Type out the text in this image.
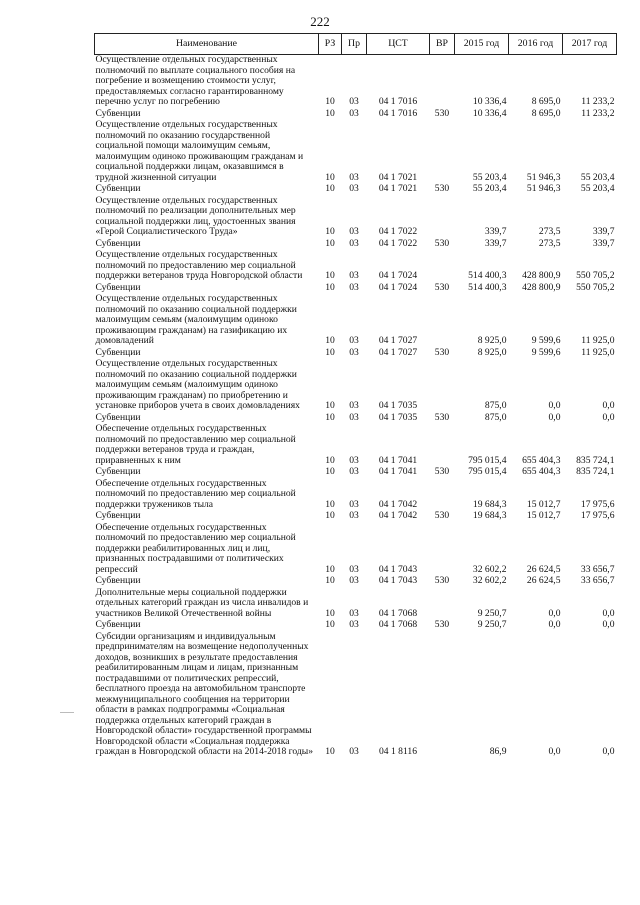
222
Наименование	РЗ	Пр	ЦСТ	ВР	2015 год	2016 год	2017 год
Осуществление отдельных государственных полномочий по выплате социального пособия на погребение и возмещению стоимости услуг, предоставляемых согласно гарантированному перечню услуг по погребению	10	03	04 1 7016		10 336,4	8 695,0	11 233,2
Субвенции	10	03	04 1 7016	530	10 336,4	8 695,0	11 233,2
Осуществление отдельных государственных полномочий по оказанию государственной социальной помощи малоимущим семьям, малоимущим одиноко проживающим гражданам и социальной поддержки лицам, оказавшимся в трудной жизненной ситуации	10	03	04 1 7021		55 203,4	51 946,3	55 203,4
Субвенции	10	03	04 1 7021	530	55 203,4	51 946,3	55 203,4
Осуществление отдельных государственных полномочий по реализации дополнительных мер социальной поддержки лиц, удостоенных звания «Герой Социалистического Труда»	10	03	04 1 7022		339,7	273,5	339,7
Субвенции	10	03	04 1 7022	530	339,7	273,5	339,7
Осуществление отдельных государственных полномочий по предоставлению мер социальной поддержки ветеранов труда Новгородской области	10	03	04 1 7024		514 400,3	428 800,9	550 705,2
Субвенции	10	03	04 1 7024	530	514 400,3	428 800,9	550 705,2
Осуществление отдельных государственных полномочий по оказанию социальной поддержки малоимущим семьям (малоимущим одиноко проживающим гражданам) на газификацию их домовладений	10	03	04 1 7027		8 925,0	9 599,6	11 925,0
Субвенции	10	03	04 1 7027	530	8 925,0	9 599,6	11 925,0
Осуществление отдельных государственных полномочий по оказанию социальной поддержки малоимущим семьям (малоимущим одиноко проживающим гражданам) по приобретению и установке приборов учета в своих домовладениях	10	03	04 1 7035		875,0	0,0	0,0
Субвенции	10	03	04 1 7035	530	875,0	0,0	0,0
Обеспечение отдельных государственных полномочий по предоставлению мер социальной поддержки ветеранов труда и граждан, приравненных к ним	10	03	04 1 7041		795 015,4	655 404,3	835 724,1
Субвенции	10	03	04 1 7041	530	795 015,4	655 404,3	835 724,1
Обеспечение отдельных государственных полномочий по предоставлению мер социальной поддержки тружеников тыла	10	03	04 1 7042		19 684,3	15 012,7	17 975,6
Субвенции	10	03	04 1 7042	530	19 684,3	15 012,7	17 975,6
Обеспечение отдельных государственных полномочий по предоставлению мер социальной поддержки реабилитированных лиц и лиц, признанных пострадавшими от политических репрессий	10	03	04 1 7043		32 602,2	26 624,5	33 656,7
Субвенции	10	03	04 1 7043	530	32 602,2	26 624,5	33 656,7
Дополнительные меры социальной поддержки отдельных категорий граждан из числа инвалидов и участников Великой Отечественной войны	10	03	04 1 7068		9 250,7	0,0	0,0
Субвенции	10	03	04 1 7068	530	9 250,7	0,0	0,0
Субсидии организациям и индивидуальным предпринимателям на возмещение недополученных доходов, возникших в результате предоставления реабилитированным лицам и лицам, признанным пострадавшими от политических репрессий, бесплатного проезда на автомобильном транспорте межмуниципального сообщения на территории области в рамках подпрограммы «Социальная поддержка отдельных категорий граждан в Новгородской области» государственной программы Новгородской области «Социальная поддержка граждан в Новгородской области на 2014-2018 годы»	10	03	04 1 8116		86,9	0,0	0,0
